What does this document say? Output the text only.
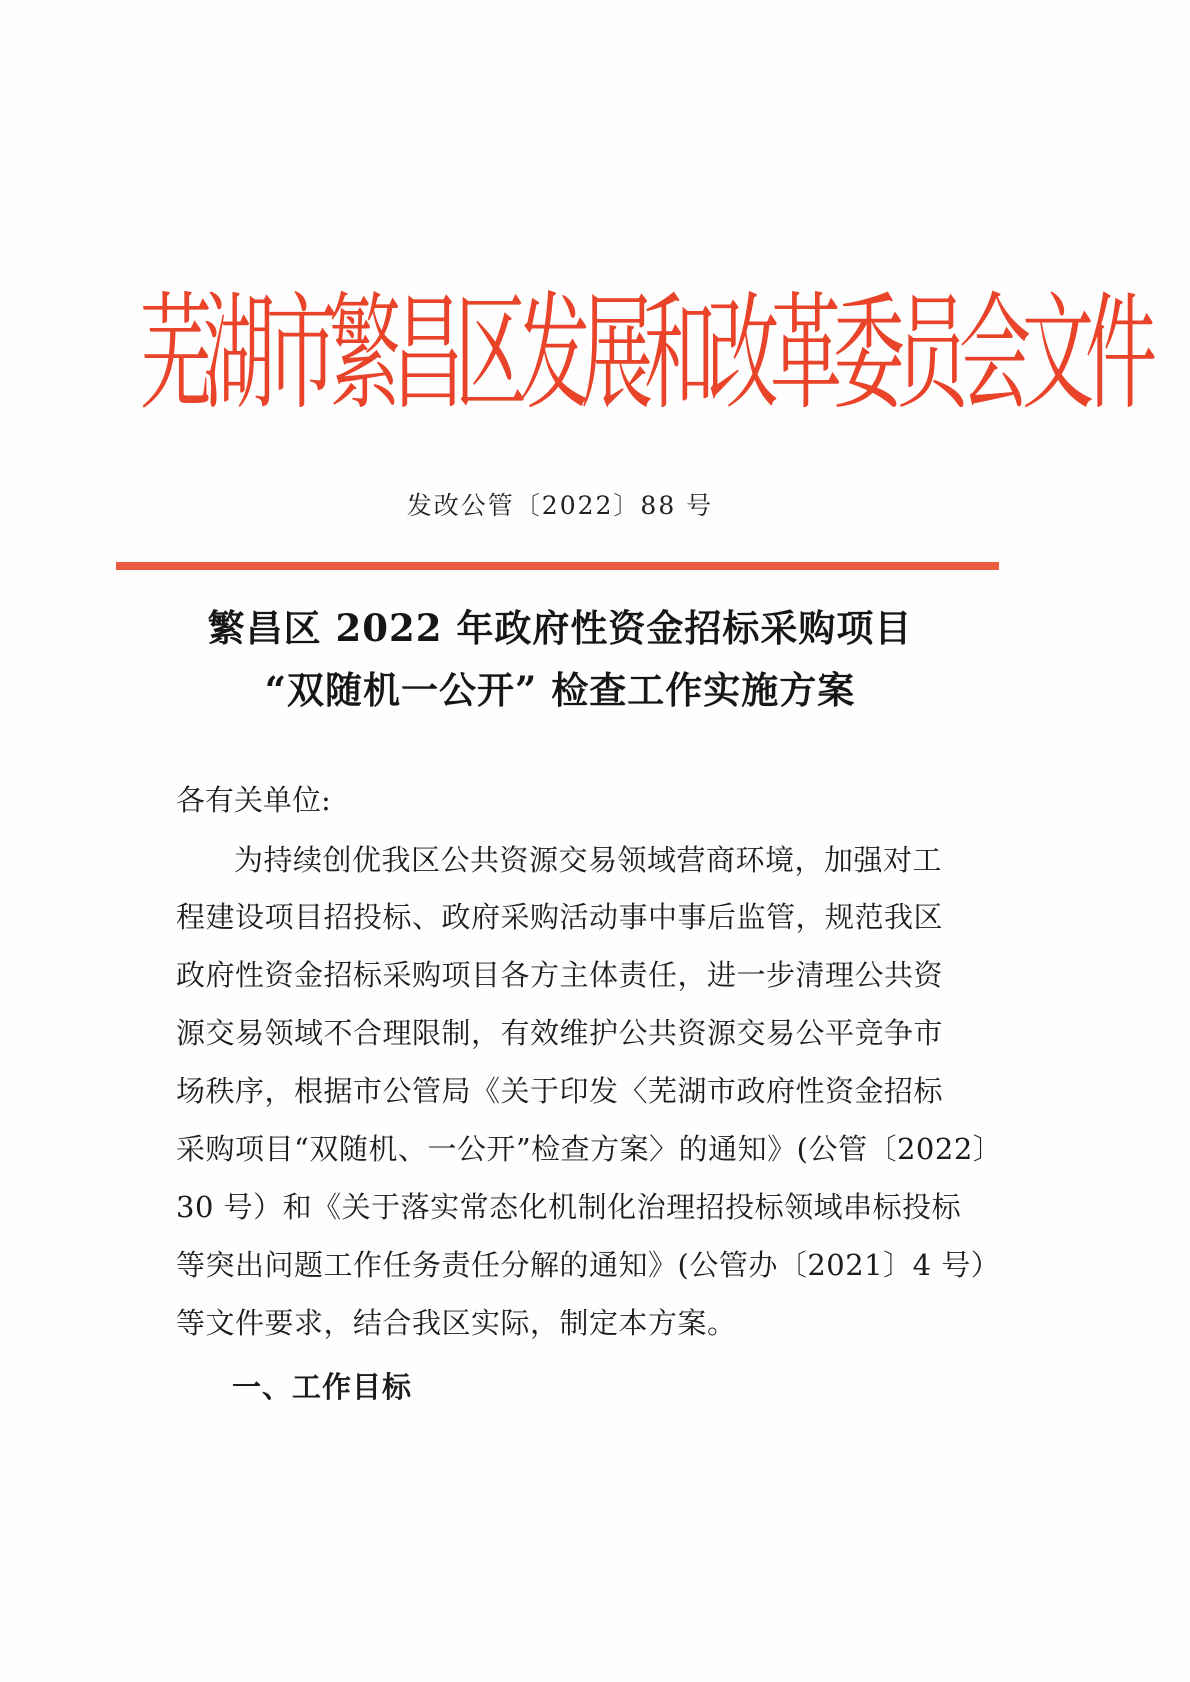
芜湖市繁昌区发展和改革委员会文件
发改公管〔2022〕88 号
繁昌区 2022 年政府性资金招标采购项目
“双随机一公开” 检查工作实施方案
各有关单位:
为持续创优我区公共资源交易领域营商环境，加强对工
程建设项目招投标、政府采购活动事中事后监管，规范我区
政府性资金招标采购项目各方主体责任，进一步清理公共资
源交易领域不合理限制，有效维护公共资源交易公平竞争市
场秩序，根据市公管局《关于印发〈芜湖市政府性资金招标
采购项目“双随机、一公开”检查方案〉的通知》(公管〔2022〕
30 号）和《关于落实常态化机制化治理招投标领域串标投标
等突出问题工作任务责任分解的通知》(公管办〔2021〕4 号）
等文件要求，结合我区实际，制定本方案。
一、工作目标
